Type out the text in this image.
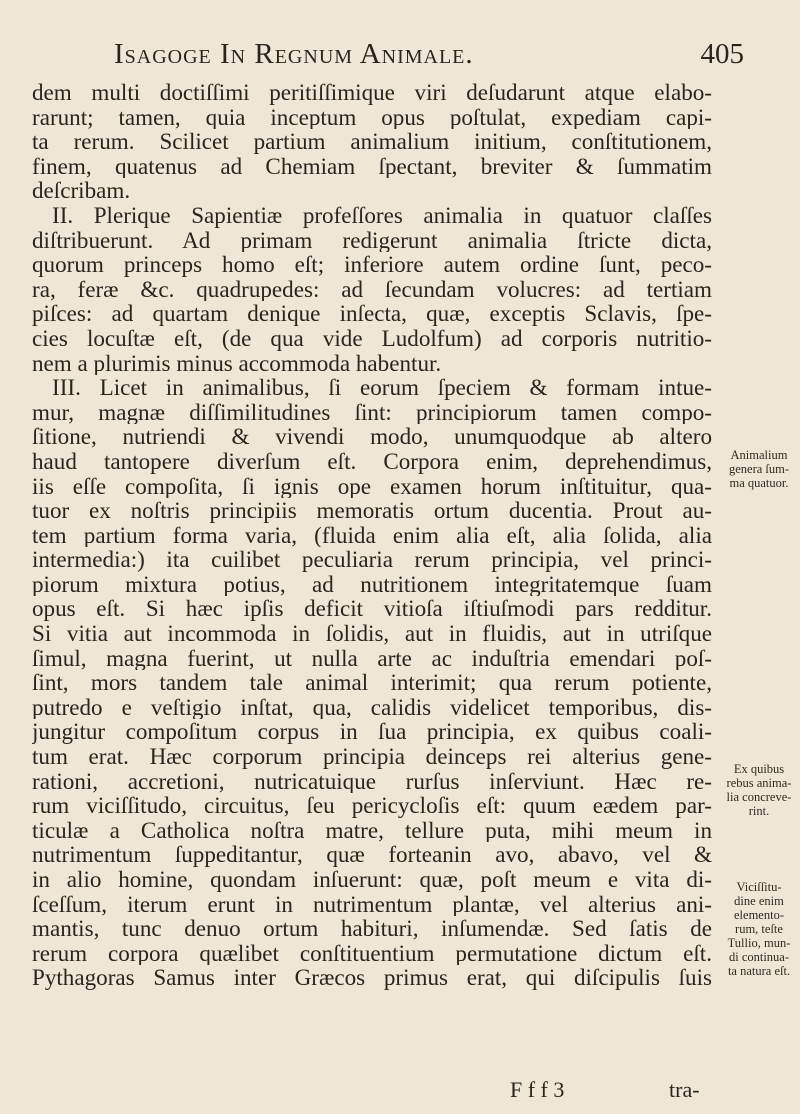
Isagoge In Regnum Animale.	405
dem multi doctiſſimi peritiſſimique viri deſudarunt atque elabo-
rarunt; tamen, quia inceptum opus poſtulat, expediam capi-
ta rerum. Scilicet partium animalium initium, conſtitutionem,
finem, quatenus ad Chemiam ſpectant, breviter & ſummatim
deſcribam.
II. Plerique Sapientiæ profeſſores animalia in quatuor claſſes
diſtribuerunt. Ad primam redigerunt animalia ſtricte dicta,
quorum princeps homo eſt; inferiore autem ordine ſunt, peco-
ra, feræ &c. quadrupedes: ad ſecundam volucres: ad tertiam
piſces: ad quartam denique inſecta, quæ, exceptis Sclavis, ſpe-
cies locuſtæ eſt, (de qua vide Ludolfum) ad corporis nutritio-
nem a plurimis minus accommoda habentur.
III. Licet in animalibus, ſi eorum ſpeciem & formam intue-
mur, magnæ diſſimilitudines ſint: principiorum tamen compo-
ſitione, nutriendi & vivendi modo, unumquodque ab altero
haud tantopere diverſum eſt. Corpora enim, deprehendimus,
iis eſſe compoſita, ſi ignis ope examen horum inſtituitur, qua-
tuor ex noſtris principiis memoratis ortum ducentia. Prout au-
tem partium forma varia, (fluida enim alia eſt, alia ſolida, alia
intermedia:) ita cuilibet peculiaria rerum principia, vel princi-
piorum mixtura potius, ad nutritionem integritatemque ſuam
opus eſt. Si hæc ipſis deficit vitioſa iſtiuſmodi pars redditur.
Si vitia aut incommoda in ſolidis, aut in fluidis, aut in utriſque
ſimul, magna fuerint, ut nulla arte ac induſtria emendari poſ-
ſint, mors tandem tale animal interimit; qua rerum potiente,
putredo e veſtigio inſtat, qua, calidis videlicet temporibus, dis-
jungitur compoſitum corpus in ſua principia, ex quibus coali-
tum erat. Hæc corporum principia deinceps rei alterius gene-
rationi, accretioni, nutricatuique rurſus inſerviunt. Hæc re-
rum viciſſitudo, circuitus, ſeu pericycloſis eſt: quum eædem par-
ticulæ a Catholica noſtra matre, tellure puta, mihi meum in
nutrimentum ſuppeditantur, quæ forteanin avo, abavo, vel &
in alio homine, quondam inſuerunt: quæ, poſt meum e vita di-
ſceſſum, iterum erunt in nutrimentum plantæ, vel alterius ani-
mantis, tunc denuo ortum habituri, inſumendæ. Sed ſatis de
rerum corpora quælibet conſtituentium permutatione dictum eſt.
Pythagoras Samus inter Græcos primus erat, qui diſcipulis ſuis
Animalium
genera ſum-
ma quatuor.
Ex quibus
rebus anima-
lia concreve-
rint.
Viciſſitu-
dine enim
elemento-
rum, teſte
Tullio, mun-
di continua-
ta natura eſt.
F f f 3	tra-
